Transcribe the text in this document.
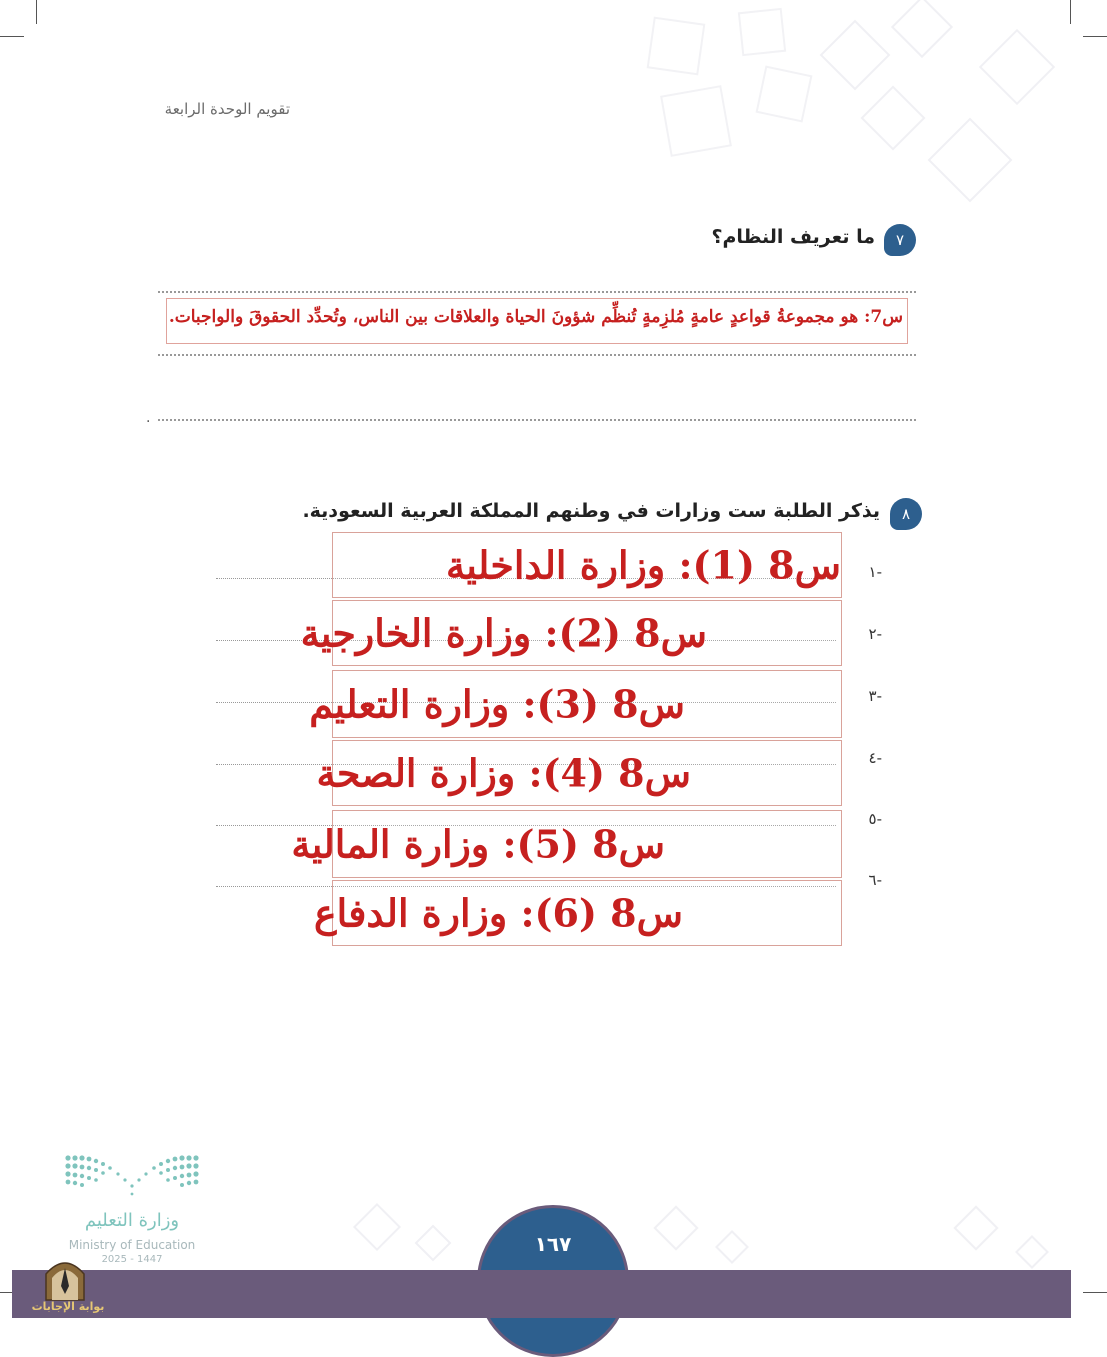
تقويم الوحدة الرابعة
٧
ما تعريف النظام؟
س7: هو مجموعةُ قواعدٍ عامةٍ مُلزِمةٍ تُنظِّم شؤونَ الحياة والعلاقات بين الناس، وتُحدِّد الحقوقَ والواجبات.
.
٨
يذكر الطلبة ست وزارات في وطنهم المملكة العربية السعودية.
-١
-٢
-٣
-٤
-٥
-٦
س8 (1): وزارة الداخلية
س8 (2): وزارة الخارجية
س8 (3): وزارة التعليم
س8 (4): وزارة الصحة
س8 (5): وزارة المالية
س8 (6): وزارة الدفاع
وزارة التعليم
Ministry of Education
2025 - 1447
١٦٧
بوابة الإجابات
